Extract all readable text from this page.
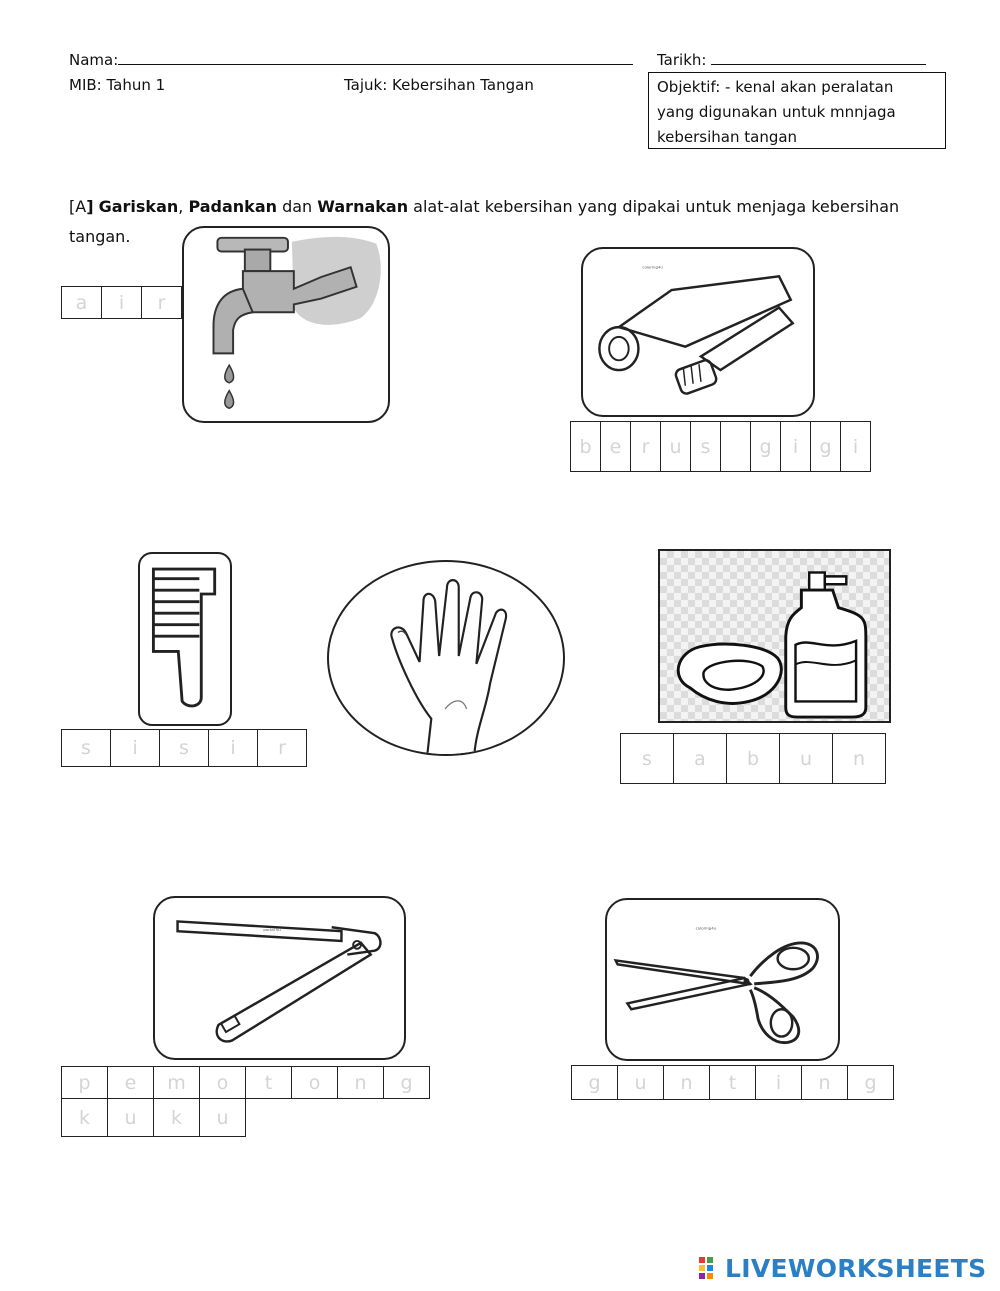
Nama:	Tarikh:
MIB: Tahun 1	Tajuk: Kebersihan Tangan	Objektif: - kenal akan peralatan
yang digunakan untuk mnnjaga
kebersihan tangan
[A] Gariskan, Padankan dan Warnakan alat-alat kebersihan yang dipakai untuk menjaga kebersihan
tangan.
a	i	r
coloring4u
b e	r	u	s	g	i	g	i
s	i	s	i	r	s	a	b	u	n
portal ku
p	e	m	o	t	o	n	g
k	u	k	u
coloring4u
g	u	n	t	i	n	g
LIVEWORKSHEETS
